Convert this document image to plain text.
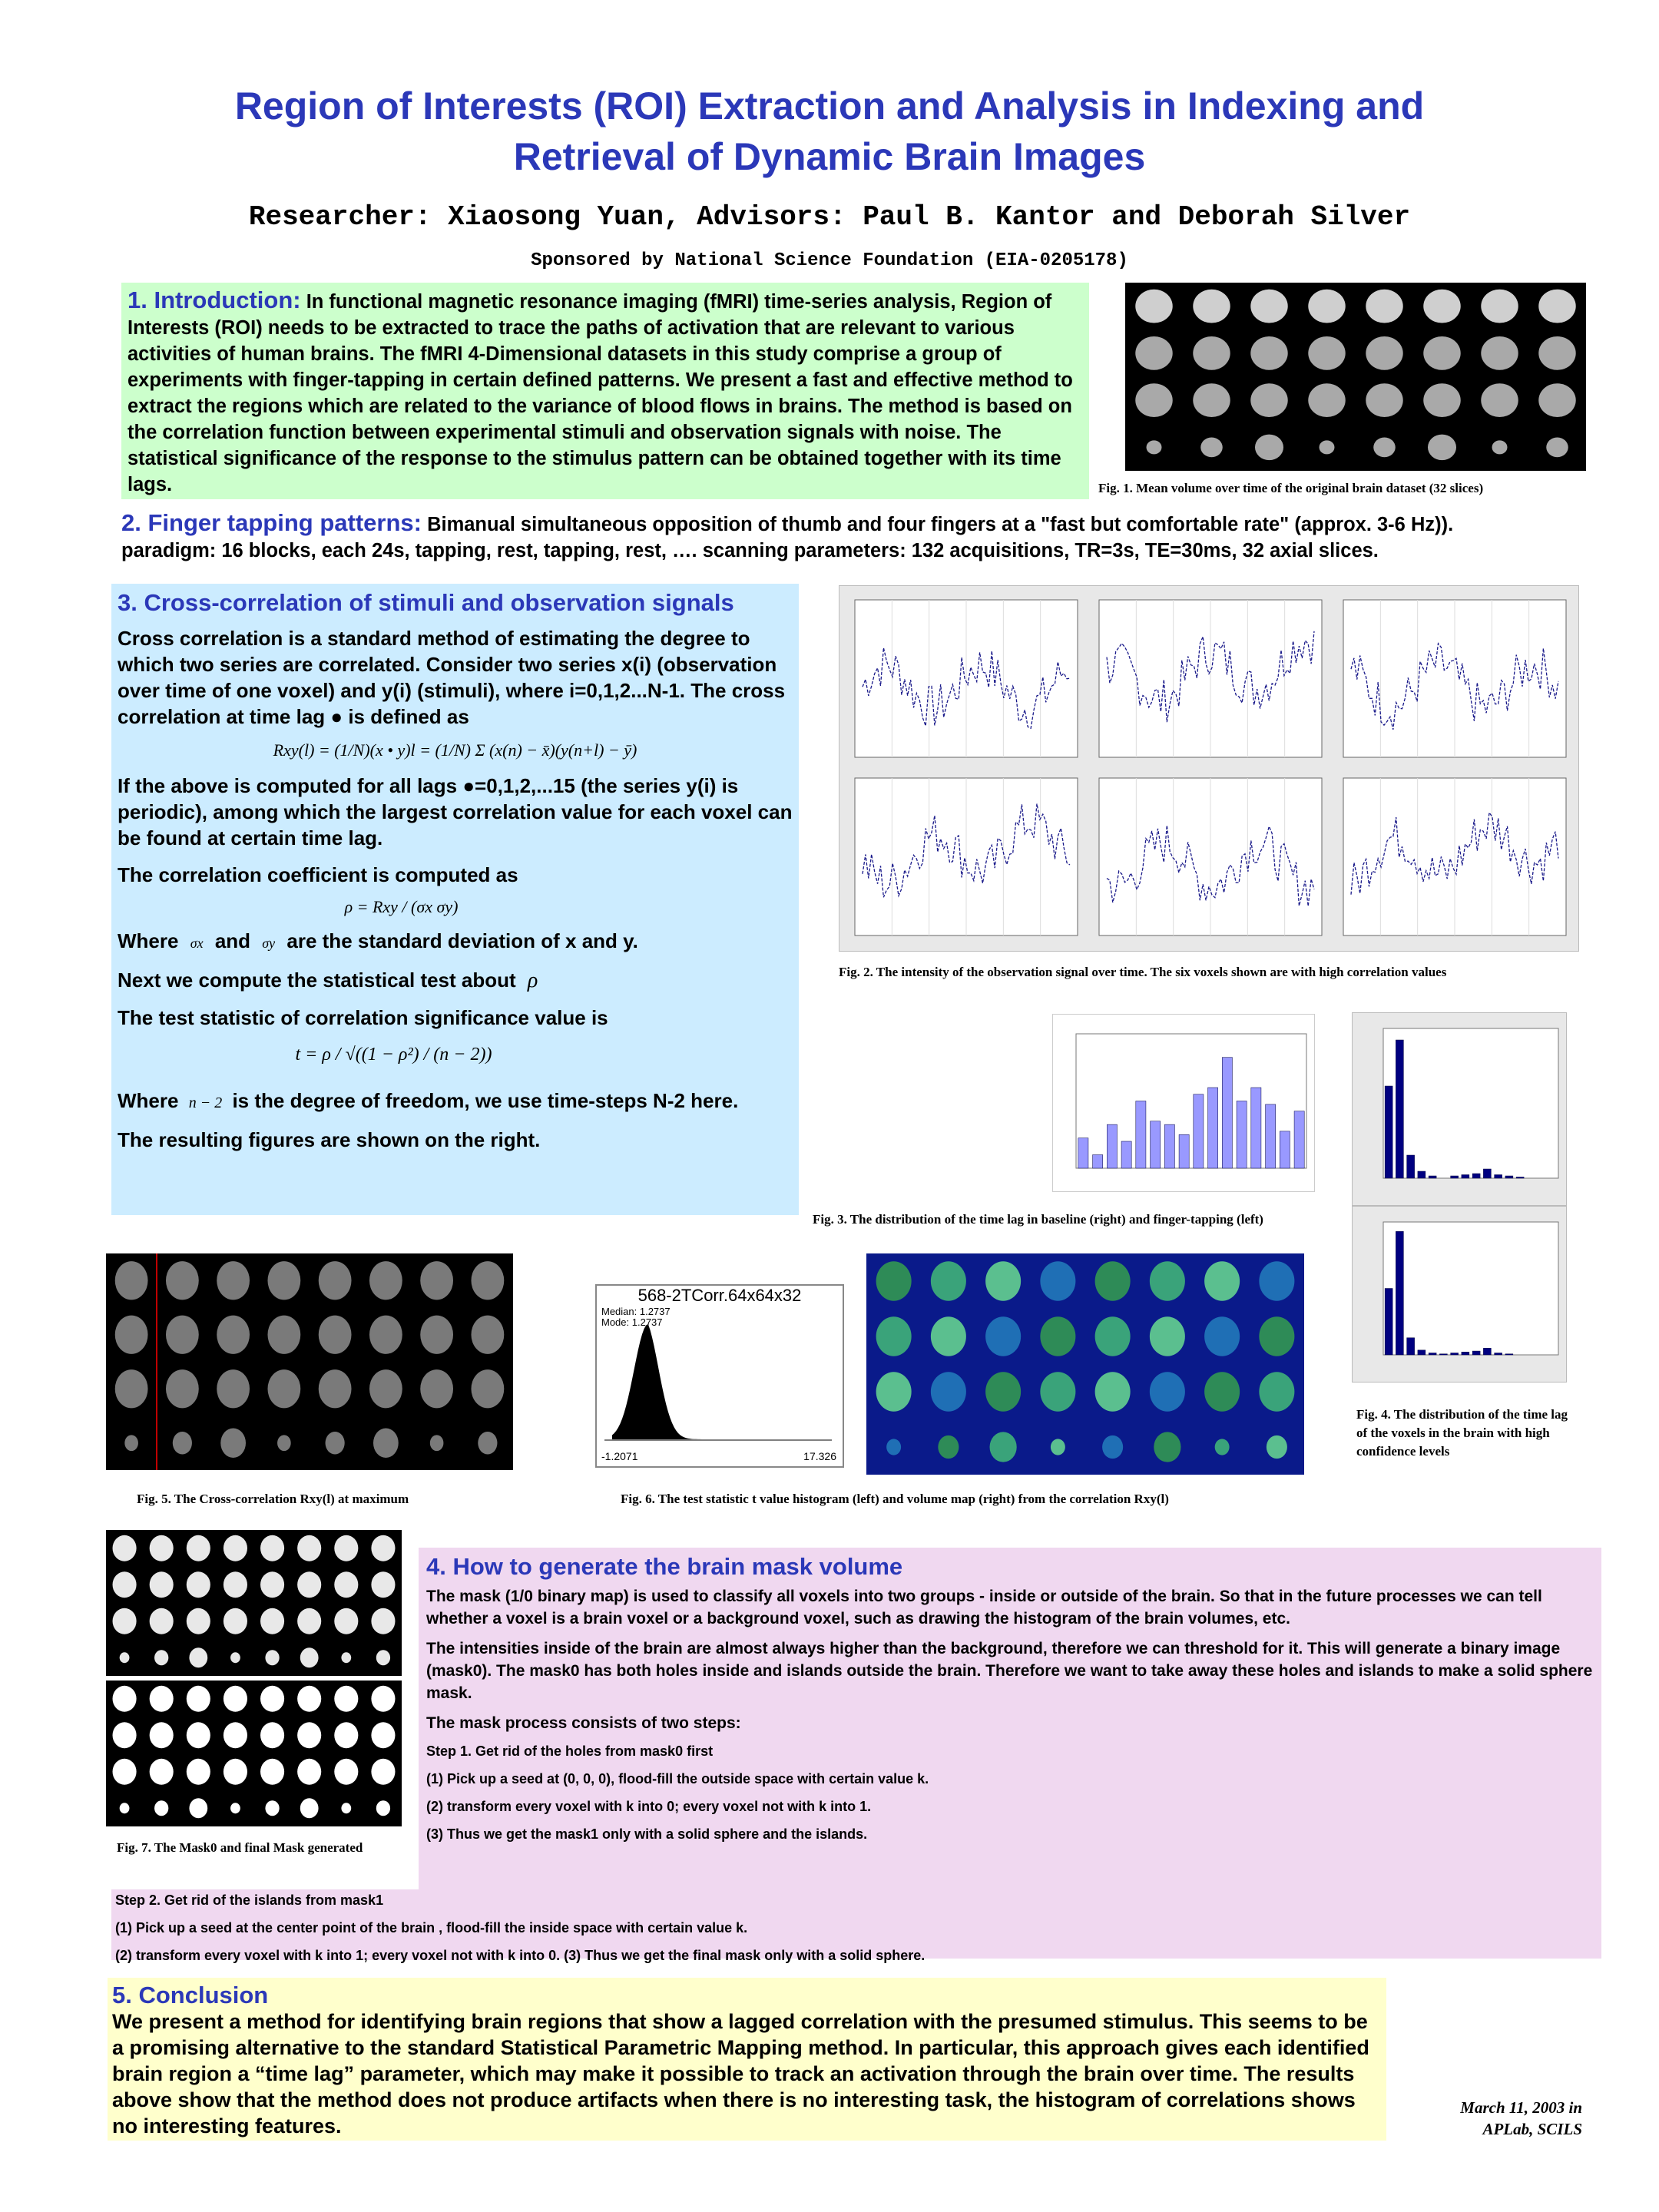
Region of Interests (ROI) Extraction and Analysis in Indexing and
Retrieval of Dynamic Brain Images
Researcher: Xiaosong Yuan, Advisors: Paul B. Kantor and Deborah Silver
Sponsored by National Science Foundation (EIA-0205178)
1. Introduction: In functional magnetic resonance imaging (fMRI) time-series analysis, Region of Interests (ROI) needs to be extracted to trace the paths of activation that are relevant to various activities of human brains. The fMRI 4-Dimensional datasets in this study comprise a group of experiments with finger-tapping in certain defined patterns. We present a fast and effective method to extract the regions which are related to the variance of blood flows in brains. The method is based on the correlation function between experimental stimuli and observation signals with noise. The statistical significance of the response to the stimulus pattern can be obtained together with its time lags.	Fig. 1. Mean volume over time of the original brain dataset (32 slices)
2. Finger tapping patterns: Bimanual simultaneous opposition of thumb and four fingers at a "fast but comfortable rate" (approx. 3-6 Hz)).
paradigm: 16 blocks, each 24s, tapping, rest, tapping, rest, …. scanning parameters: 132 acquisitions, TR=3s, TE=30ms, 32 axial slices.
3. Cross-correlation of stimuli and observation signals

Cross correlation is a standard method of estimating the degree to which two series are correlated. Consider two series x(i) (observation over time of one voxel) and y(i) (stimuli), where i=0,1,2...N-1. The cross correlation at time lag ● is defined as

Rxy(l) = (1/N)(x • y)l = (1/N) Σ (x(n) − x̄)(y(n+l) − ȳ)

If the above is computed for all lags ●=0,1,2,...15 (the series y(i) is periodic), among which the largest correlation value for each voxel can be found at certain time lag.

The correlation coefficient is computed as

ρ = Rxy / (σx σy)

Where σx and σy are the standard deviation of x and y.

Next we compute the statistical test about ρ

The test statistic of correlation significance value is

t = ρ / √((1 − ρ²) / (n − 2))

Where n − 2 is the degree of freedom, we use time-steps N-2 here.

The resulting figures are shown on the right.

Fig. 2. The intensity of the observation signal over time. The six voxels shown are with high correlation values
Fig. 3. The distribution of the time lag in baseline (right) and finger-tapping (left)
Fig. 4. The distribution of the time lag of the voxels in the brain with high confidence levels
Fig. 5. The Cross-correlation Rxy(l) at maximum
568-2TCorr.64x64x32
Median: 1.2737
Mode: 1.2737
-1.2071	17.326
Fig. 6. The test statistic t value histogram (left) and volume map (right) from the correlation Rxy(l)
Fig. 7. The Mask0 and final Mask generated
4. How to generate the brain mask volume

The mask (1/0 binary map) is used to classify all voxels into two groups - inside or outside of the brain. So that in the future processes we can tell whether a voxel is a brain voxel or a background voxel, such as drawing the histogram of the brain volumes, etc.

The intensities inside of the brain are almost always higher than the background, therefore we can threshold for it. This will generate a binary image (mask0). The mask0 has both holes inside and islands outside the brain. Therefore we want to take away these holes and islands to make a solid sphere mask.

The mask process consists of two steps:

Step 1. Get rid of the holes from mask0 first

(1) Pick up a seed at (0, 0, 0), flood-fill the outside space with certain value k.

(2) transform every voxel with k into 0; every voxel not with k into 1.

(3) Thus we get the mask1 only with a solid sphere and the islands.

Step 2. Get rid of the islands from mask1

(1) Pick up a seed at the center point of the brain , flood-fill the inside space with certain value k.

(2) transform every voxel with k into 1; every voxel not with k into 0. (3) Thus we get the final mask only with a solid sphere.

5. Conclusion
We present a method for identifying brain regions that show a lagged correlation with the presumed stimulus. This seems to be a promising alternative to the standard Statistical Parametric Mapping method. In particular, this approach gives each identified brain region a “time lag” parameter, which may make it possible to track an activation through the brain over time. The results above show that the method does not produce artifacts when there is no interesting task, the histogram of correlations shows no interesting features.
March 11, 2003 in
APLab, SCILS
